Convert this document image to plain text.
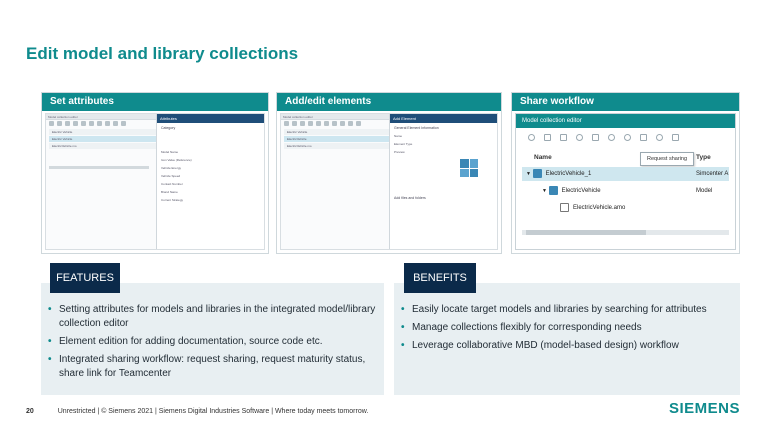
Edit model and library collections
Set attributes
Model collection editor
Electric Vehicle
Electric Vehicle
ElectricVehicle.mo
Attributes
Category
Model Name
Icon Value (Reference)
Vehicle Energy
Vehicle Speed
Contact Number
Brand Name
Current Strategy
Add/edit elements
Model collection editor
Electric Vehicle
ElectricVehicle
ElectricVehicle.mo
Add Element
General Element Information
Name
Element Type
Preview
Add files and folders
Share workflow
Model collection editor
Request sharing
Name	Type
▼ ElectricVehicle_1	Simcenter A
▼ ElectricVehicle	Model
ElectricVehicle.amo
FEATURES
• Setting attributes for models and libraries in the integrated model/library collection editor
• Element edition for adding documentation, source code etc.
• Integrated sharing workflow: request sharing, request maturity status, share link for Teamcenter
BENEFITS
• Easily locate target models and libraries by searching for attributes
• Manage collections flexibly for corresponding needs
• Leverage collaborative MBD (model-based design) workflow
20	Unrestricted | © Siemens 2021 | Siemens Digital Industries Software | Where today meets tomorrow.	SIEMENS
